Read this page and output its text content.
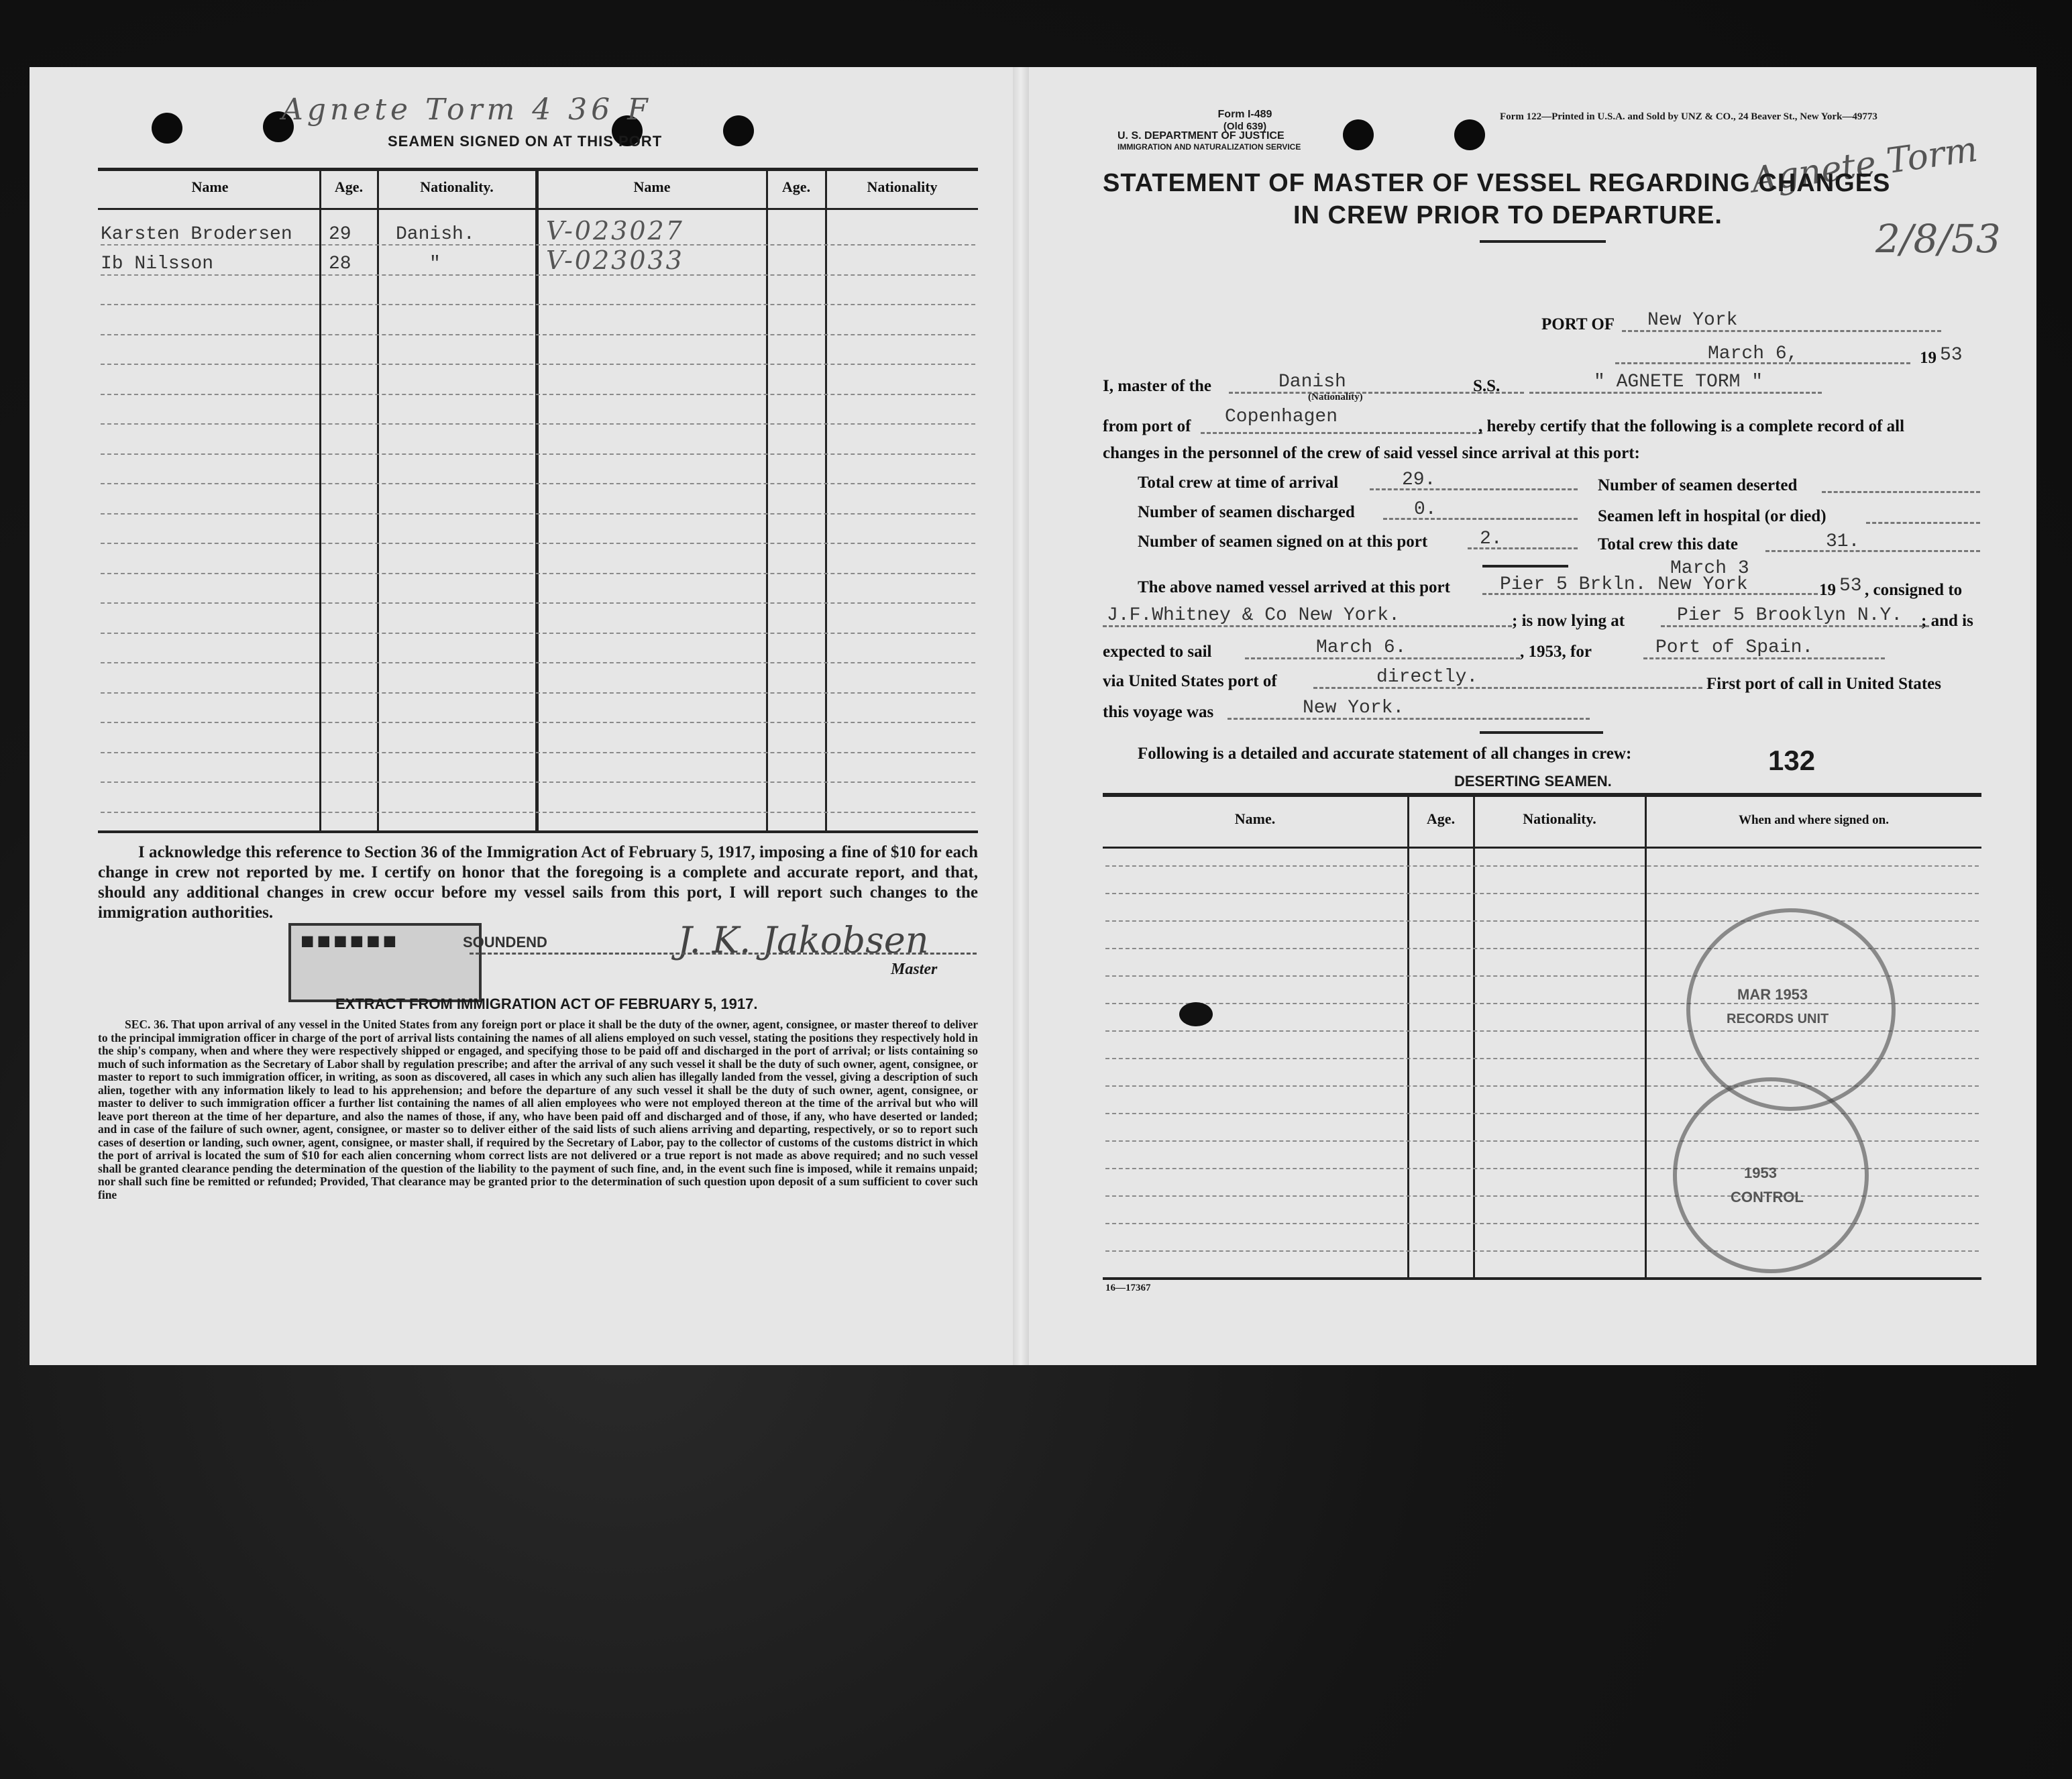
Agnete Torm 4 36 F
SEAMEN SIGNED ON AT THIS PORT
Name	Age.	Nationality.	Name	Age.	Nationality
Karsten Brodersen 29 Danish.	V-023027
Ib Nilsson	28	"	V-023033
I acknowledge this reference to Section 36 of the Immigration Act of February 5, 1917, imposing a fine of $10 for each change in crew not reported by me. I certify on honor that the foregoing is a complete and accurate report, and that, should any additional changes in crew occur before my vessel sails from this port, I will report such changes to the immigration authorities.
■■■■■■	SOUNDEND	J. K. Jakobsen
Master
EXTRACT FROM IMMIGRATION ACT OF FEBRUARY 5, 1917.
SEC. 36. That upon arrival of any vessel in the United States from any foreign port or place it shall be the duty of the owner, agent, consignee, or master thereof to deliver to the principal immigration officer in charge of the port of arrival lists containing the names of all aliens employed on such vessel, stating the positions they respectively hold in the ship's company, when and where they were respectively shipped or engaged, and specifying those to be paid off and discharged in the port of arrival; or lists containing so much of such information as the Secretary of Labor shall by regulation prescribe; and after the arrival of any such vessel it shall be the duty of such owner, agent, consignee, or master to report to such immigration officer, in writing, as soon as discovered, all cases in which any such alien has illegally landed from the vessel, giving a description of such alien, together with any information likely to lead to his apprehension; and before the departure of any such vessel it shall be the duty of such owner, agent, consignee, or master to deliver to such immigration officer a further list containing the names of all alien employees who were not employed thereon at the time of the arrival but who will leave port thereon at the time of her departure, and also the names of those, if any, who have been paid off and discharged and of those, if any, who have deserted or landed; and in case of the failure of such owner, agent, consignee, or master so to deliver either of the said lists of such aliens arriving and departing, respectively, or so to report such cases of desertion or landing, such owner, agent, consignee, or master shall, if required by the Secretary of Labor, pay to the collector of customs of the customs district in which the port of arrival is located the sum of $10 for each alien concerning whom correct lists are not delivered or a true report is not made as above required; and no such vessel shall be granted clearance pending the determination of the question of the liability to the payment of such fine, and, in the event such fine is imposed, while it remains unpaid; nor shall such fine be remitted or refunded; Provided, That clearance may be granted prior to the determination of such question upon deposit of a sum sufficient to cover such fine
Form I-489
(Old 639)
U. S. DEPARTMENT OF JUSTICE
IMMIGRATION AND NATURALIZATION SERVICE
Form 122—Printed in U.S.A. and Sold by UNZ & CO., 24 Beaver St., New York—49773
Agnete Torm
2/8/53
STATEMENT OF MASTER OF VESSEL REGARDING CHANGES
IN CREW PRIOR TO DEPARTURE.
PORT OF New York
March 6,	19 53
I, master of the	Danish
(Nationality)
S.S.	" AGNETE TORM "
from port of Copenhagen	, hereby certify that the following is a complete record of all
changes in the personnel of the crew of said vessel since arrival at this port:
Total crew at time of arrival	29.	Number of seamen deserted
Number of seamen discharged	0.	Seamen left in hospital (or died)
Number of seamen signed on at this port	2.	Total crew this date	31.
March 3
The above named vessel arrived at this port	Pier 5 Brkln. New York	19 53 , consigned to
J.F.Whitney & Co New York.	; is now lying at	Pier 5 Brooklyn N.Y. ; and is
expected to sail	March 6.	, 1953, for	Port of Spain.
via United States port of	directly.	First port of call in United States
this voyage was	New York.
Following is a detailed and accurate statement of all changes in crew:	132
DESERTING SEAMEN.
Name.	Age.	Nationality.	When and where signed on.
MAR 1953
RECORDS UNIT
1953
CONTROL
16—17367
